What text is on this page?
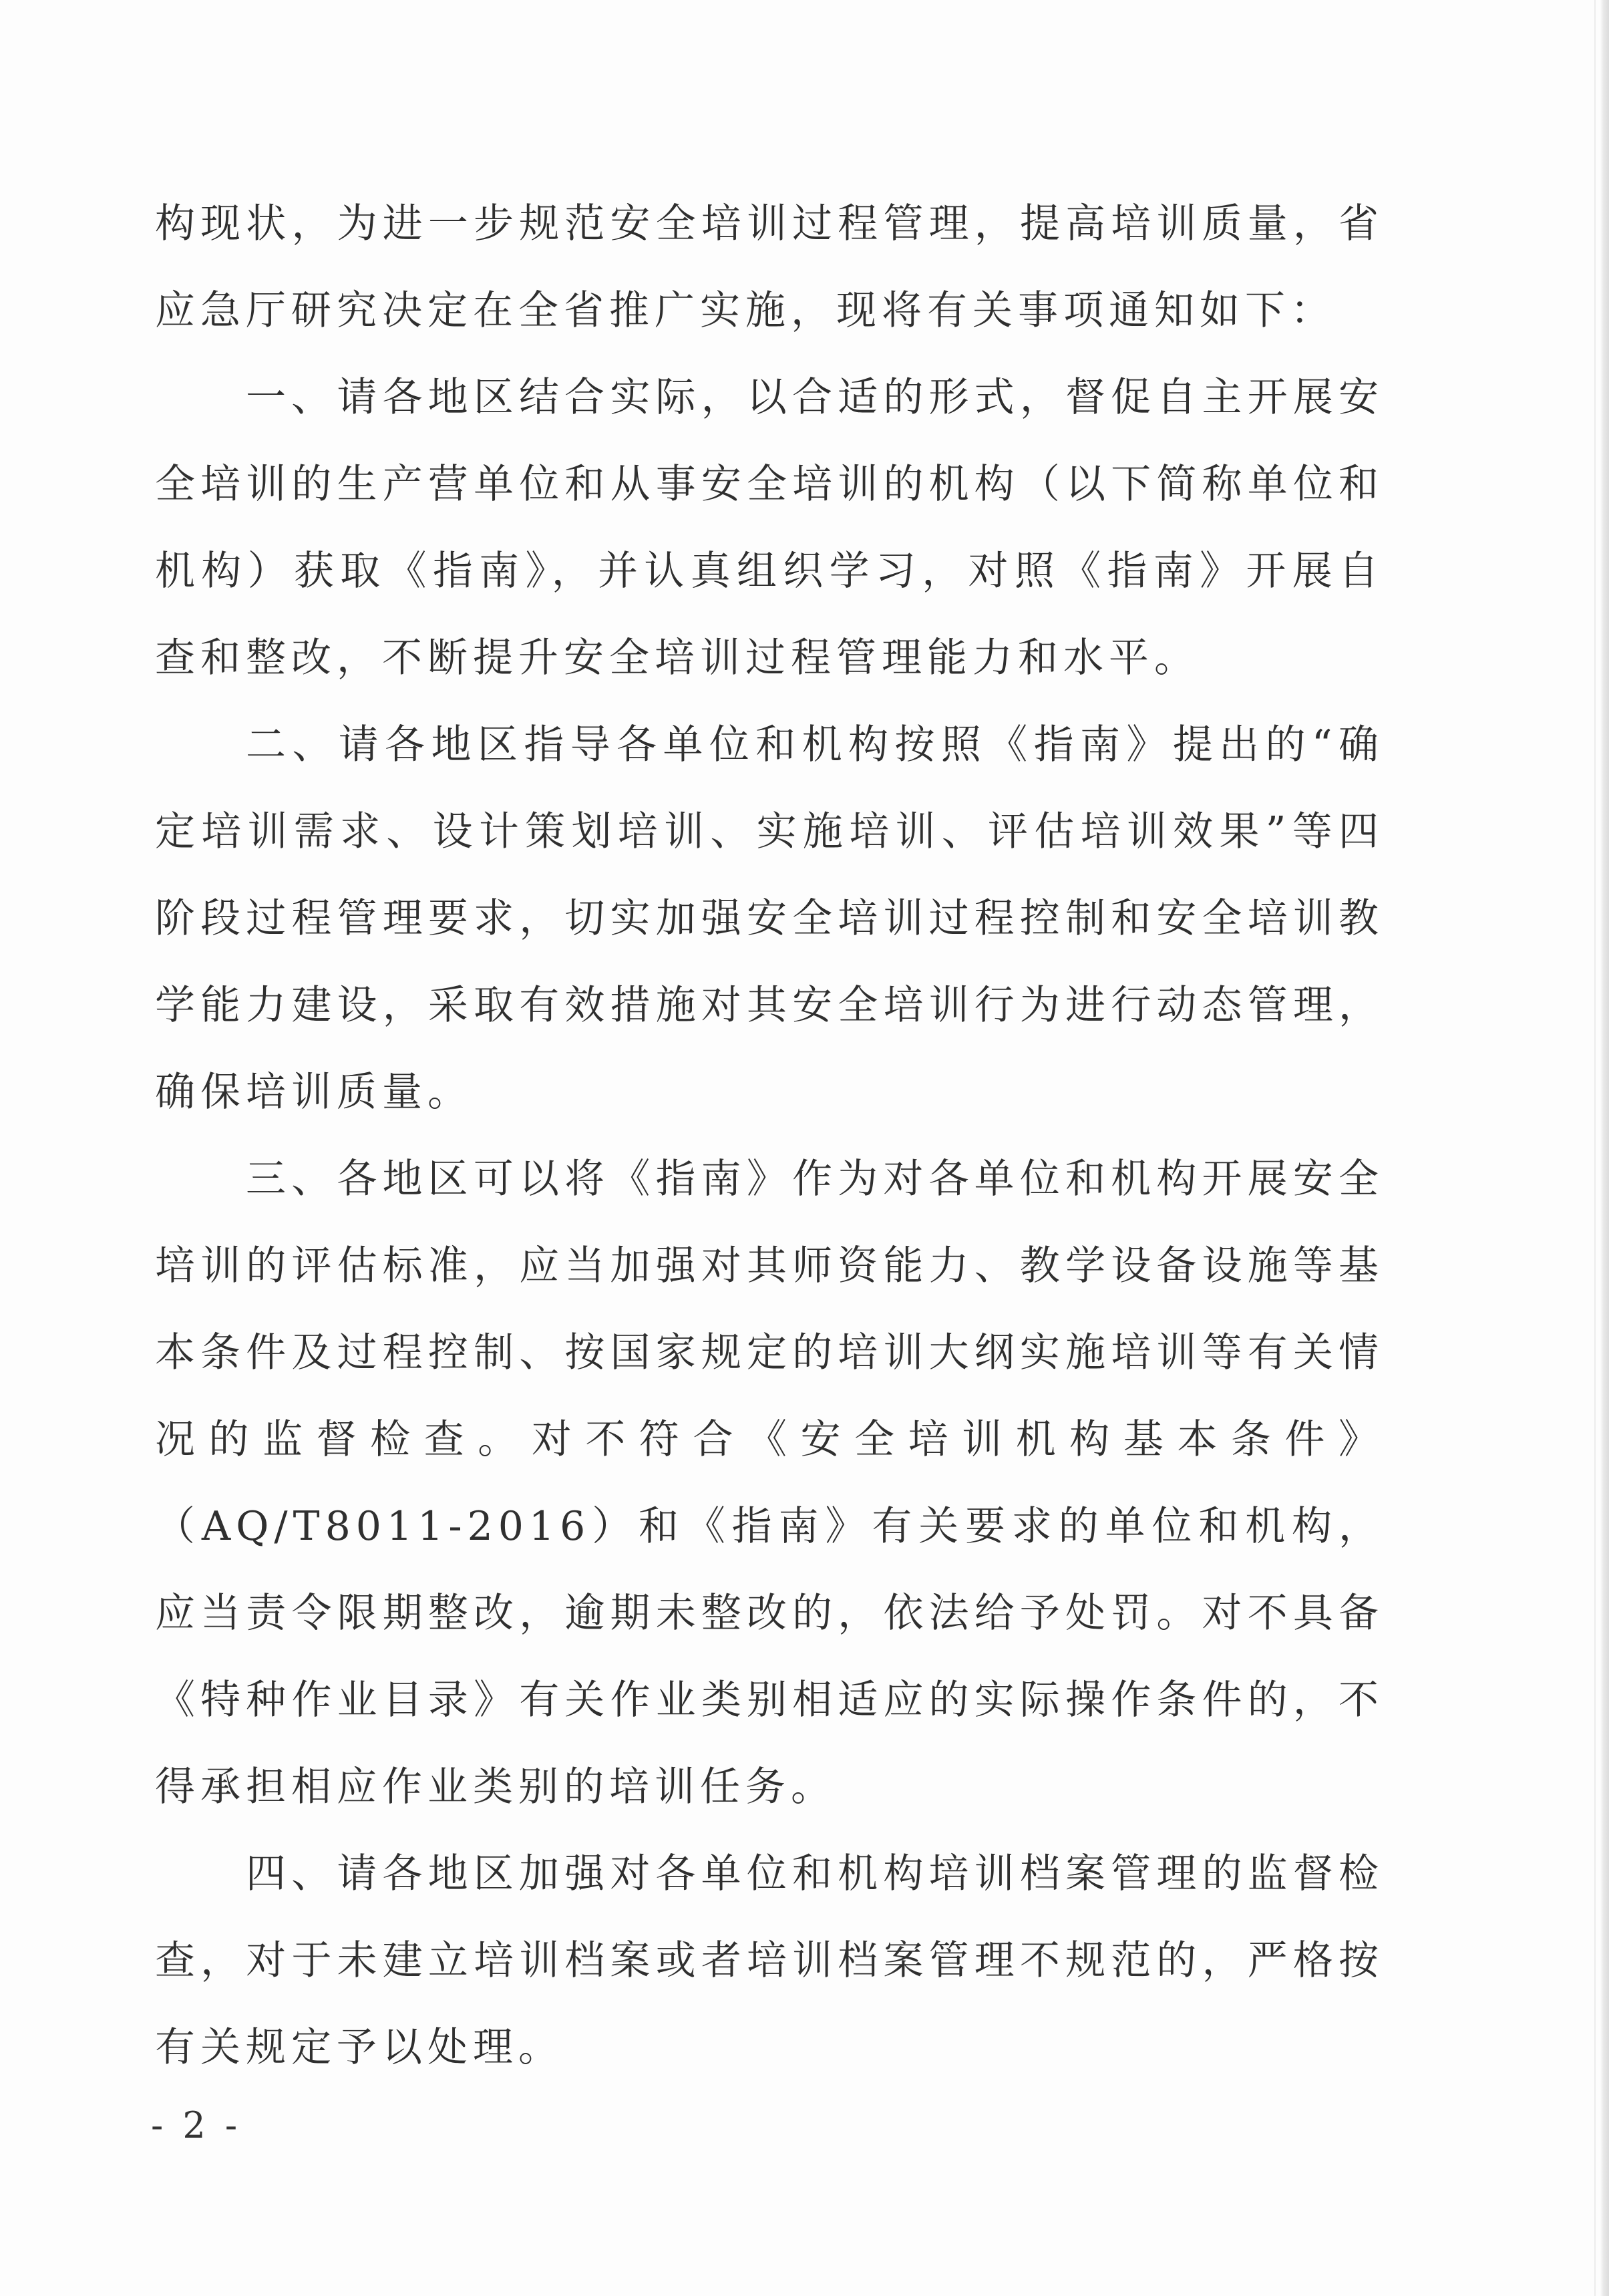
构现状，为进一步规范安全培训过程管理，提高培训质量，省应急厅研究决定在全省推广实施，现将有关事项通知如下：

一、请各地区结合实际，以合适的形式，督促自主开展安全培训的生产营单位和从事安全培训的机构（以下简称单位和机构）获取《指南》，并认真组织学习，对照《指南》开展自查和整改，不断提升安全培训过程管理能力和水平。

二、请各地区指导各单位和机构按照《指南》提出的“确定培训需求、设计策划培训、实施培训、评估培训效果”等四阶段过程管理要求，切实加强安全培训过程控制和安全培训教学能力建设，采取有效措施对其安全培训行为进行动态管理，确保培训质量。

三、各地区可以将《指南》作为对各单位和机构开展安全培训的评估标准，应当加强对其师资能力、教学设备设施等基本条件及过程控制、按国家规定的培训大纲实施培训等有关情况的监督检查。对不符合《安全培训机构基本条件》（AQ/T8011-2016）和《指南》有关要求的单位和机构，应当责令限期整改，逾期未整改的，依法给予处罚。对不具备《特种作业目录》有关作业类别相适应的实际操作条件的，不得承担相应作业类别的培训任务。

四、请各地区加强对各单位和机构培训档案管理的监督检查，对于未建立培训档案或者培训档案管理不规范的，严格按有关规定予以处理。

- 2 -
